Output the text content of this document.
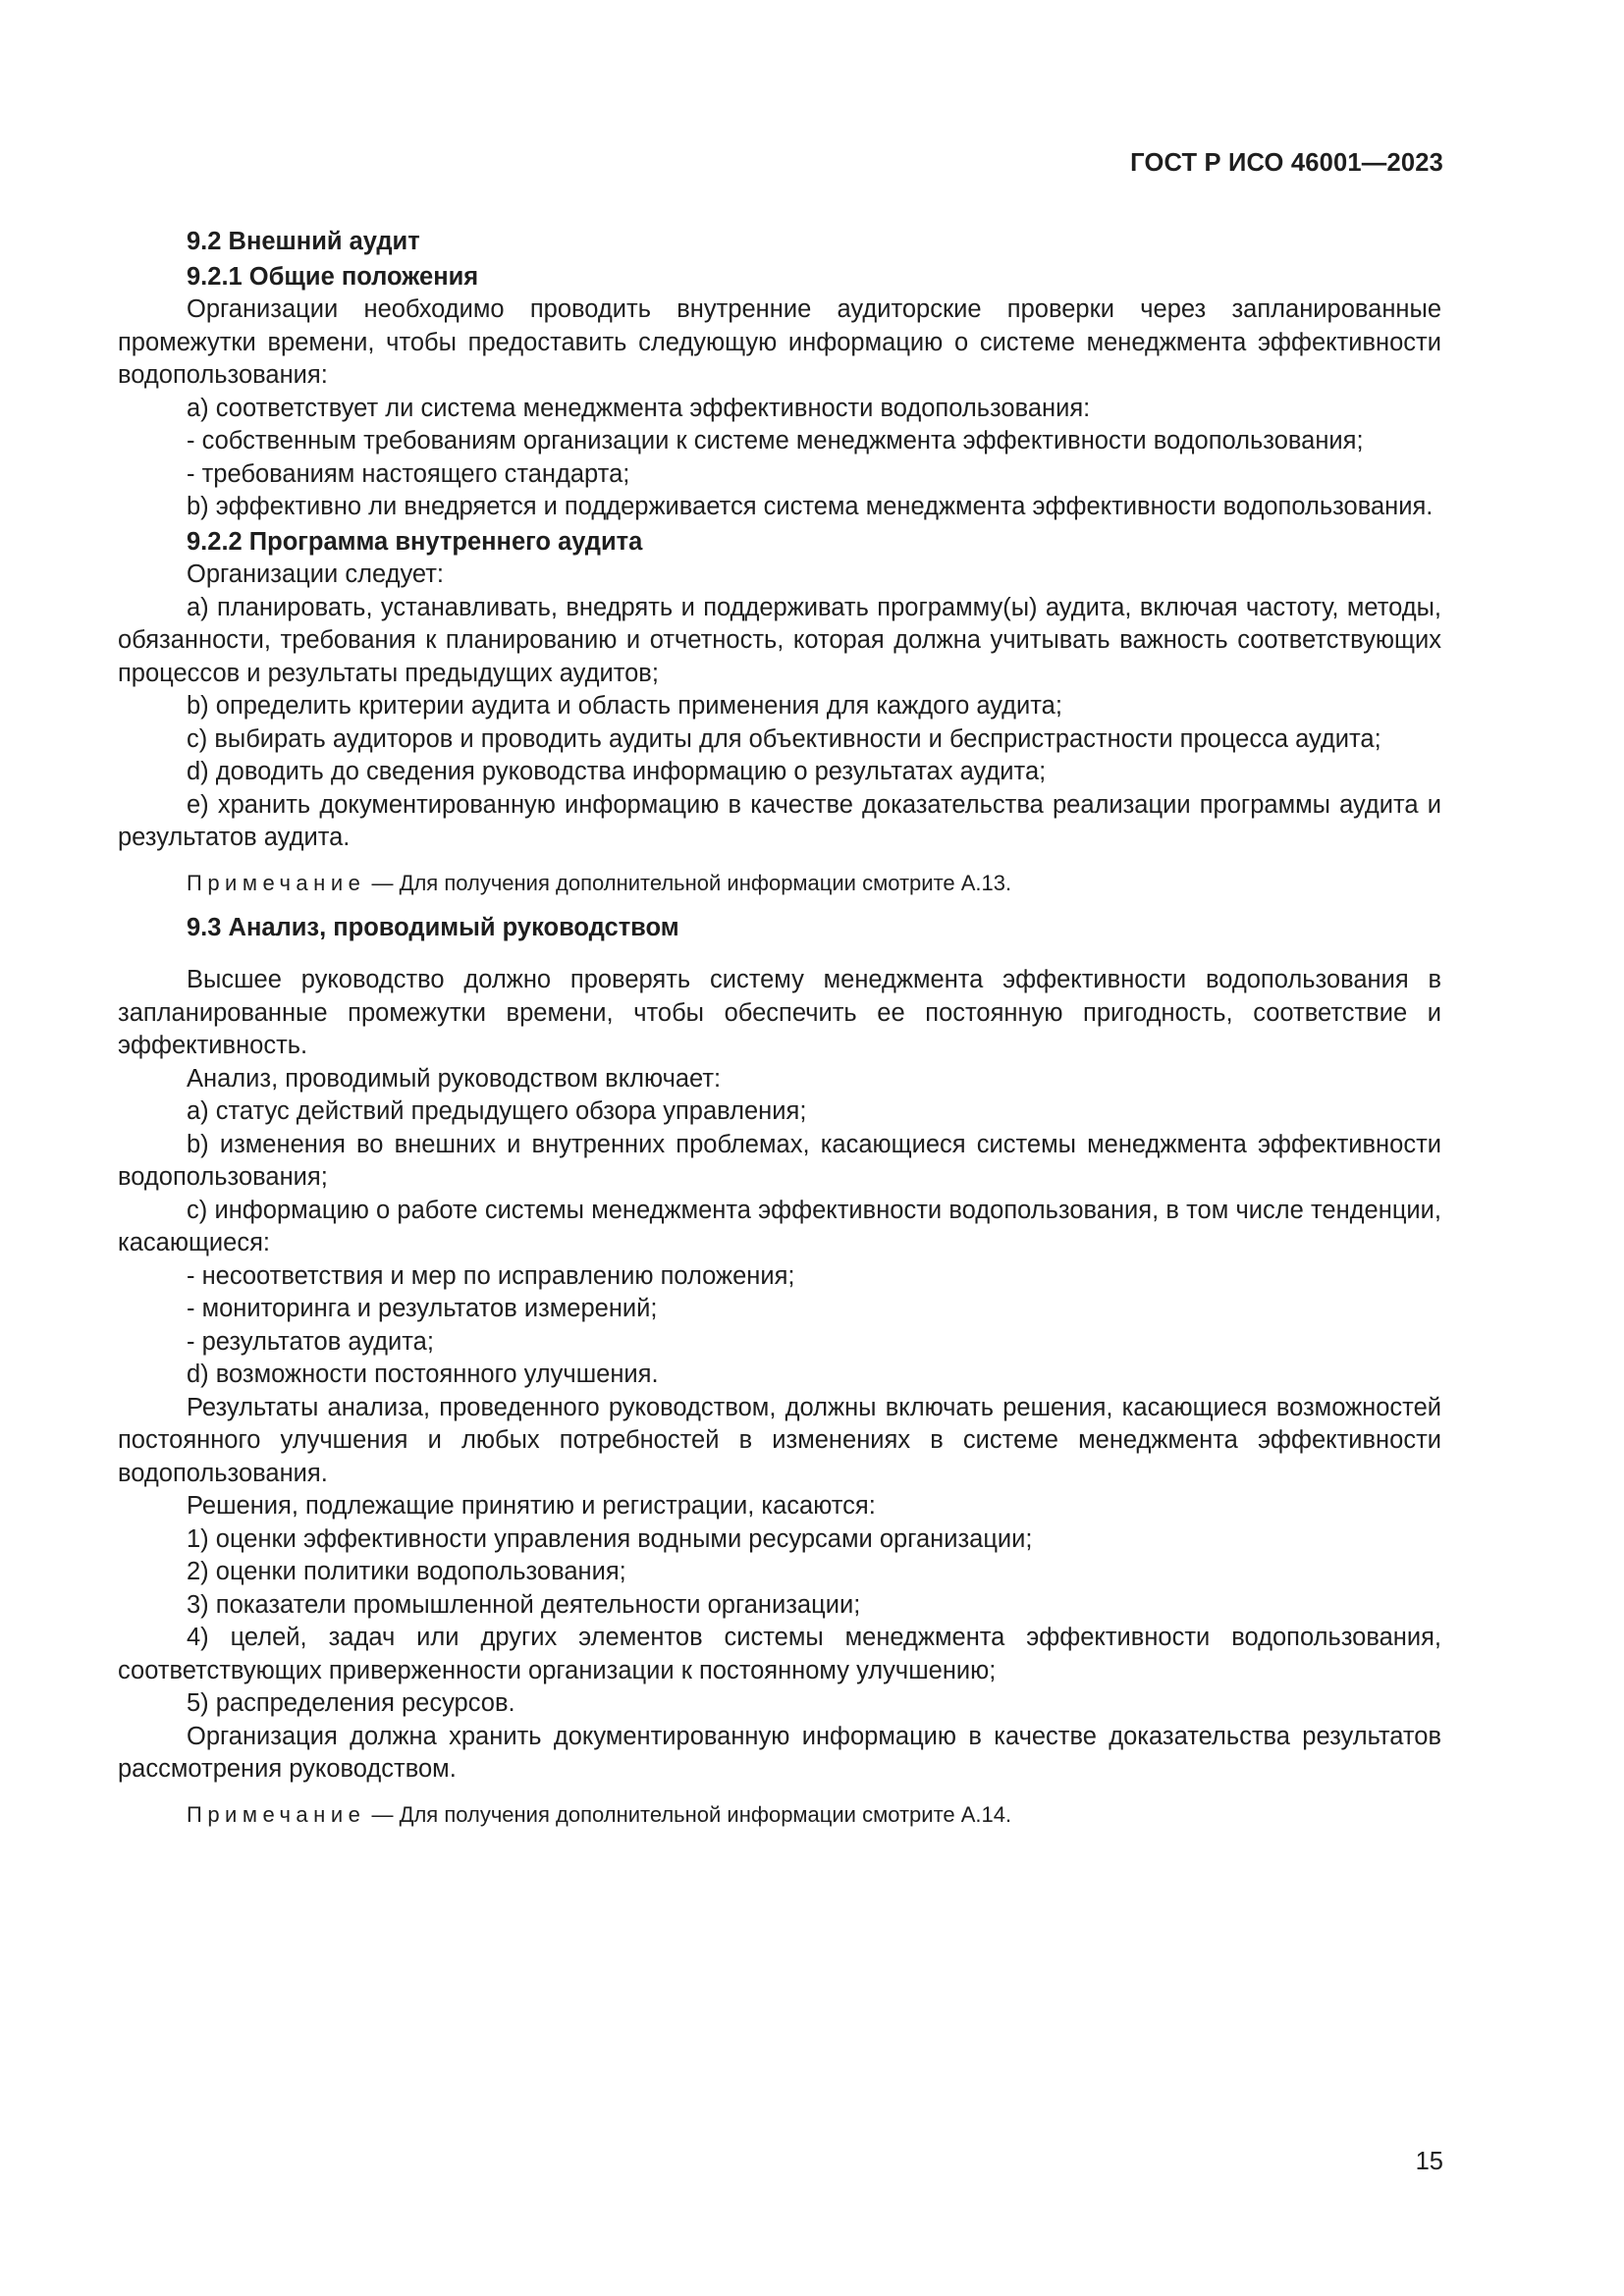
ГОСТ Р ИСО 46001—2023

9.2 Внешний аудит

9.2.1 Общие положения

Организации необходимо проводить внутренние аудиторские проверки через запланированные промежутки времени, чтобы предоставить следующую информацию о системе менеджмента эффективности водопользования:

a) соответствует ли система менеджмента эффективности водопользования:

- собственным требованиям организации к системе менеджмента эффективности водопользования;

- требованиям настоящего стандарта;

b) эффективно ли внедряется и поддерживается система менеджмента эффективности водопользования.

9.2.2 Программа внутреннего аудита

Организации следует:

a) планировать, устанавливать, внедрять и поддерживать программу(ы) аудита, включая частоту, методы, обязанности, требования к планированию и отчетность, которая должна учитывать важность соответствующих процессов и результаты предыдущих аудитов;

b) определить критерии аудита и область применения для каждого аудита;

c) выбирать аудиторов и проводить аудиты для объективности и беспристрастности процесса аудита;

d) доводить до сведения руководства информацию о результатах аудита;

e) хранить документированную информацию в качестве доказательства реализации программы аудита и результатов аудита.

Примечание — Для получения дополнительной информации смотрите А.13.

9.3 Анализ, проводимый руководством

Высшее руководство должно проверять систему менеджмента эффективности водопользования в запланированные промежутки времени, чтобы обеспечить ее постоянную пригодность, соответствие и эффективность.

Анализ, проводимый руководством включает:

a) статус действий предыдущего обзора управления;

b) изменения во внешних и внутренних проблемах, касающиеся системы менеджмента эффективности водопользования;

c) информацию о работе системы менеджмента эффективности водопользования, в том числе тенденции, касающиеся:

- несоответствия и мер по исправлению положения;

- мониторинга и результатов измерений;

- результатов аудита;

d) возможности постоянного улучшения.

Результаты анализа, проведенного руководством, должны включать решения, касающиеся возможностей постоянного улучшения и любых потребностей в изменениях в системе менеджмента эффективности водопользования.

Решения, подлежащие принятию и регистрации, касаются:

1) оценки эффективности управления водными ресурсами организации;

2) оценки политики водопользования;

3) показатели промышленной деятельности организации;

4) целей, задач или других элементов системы менеджмента эффективности водопользования, соответствующих приверженности организации к постоянному улучшению;

5) распределения ресурсов.

Организация должна хранить документированную информацию в качестве доказательства результатов рассмотрения руководством.

Примечание — Для получения дополнительной информации смотрите А.14.

15
